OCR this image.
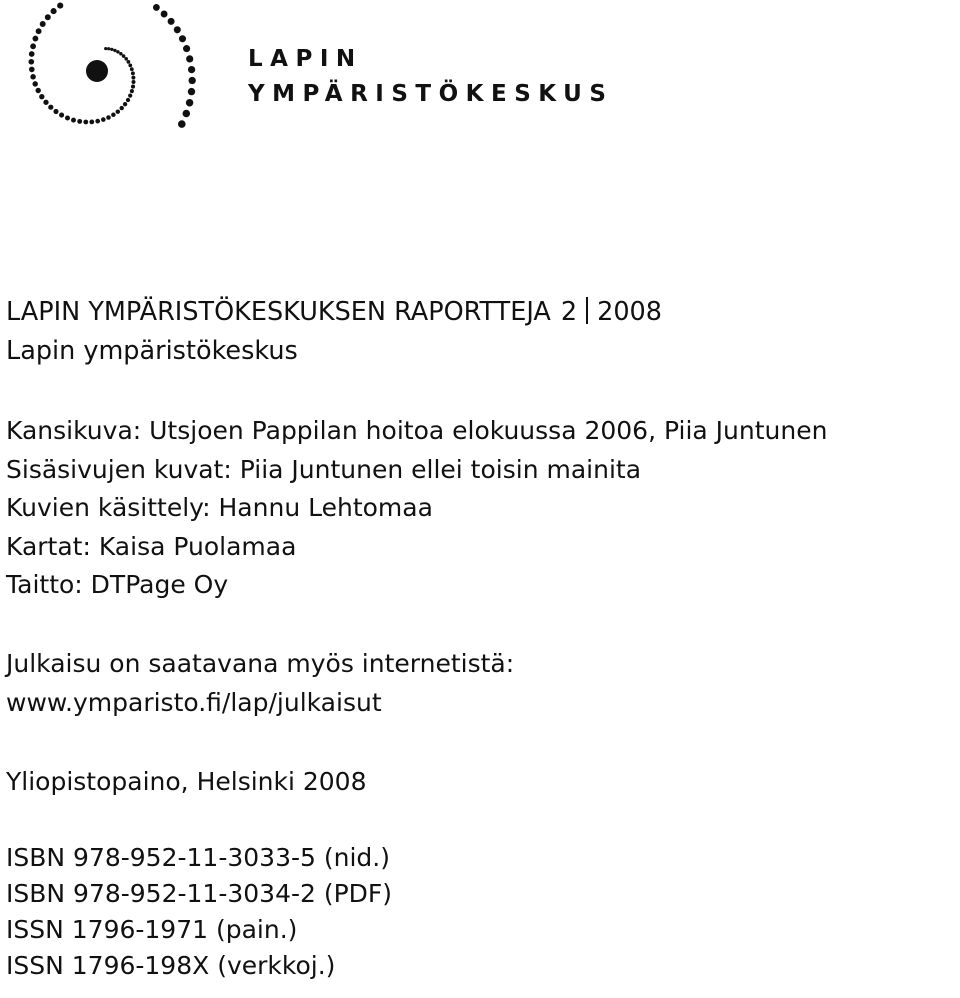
LAPIN
YMPÄRISTÖKESKUS
LAPIN YMPÄRISTÖKESKUKSEN RAPORTTEJA 2 2008
Lapin ympäristökeskus
Kansikuva: Utsjoen Pappilan hoitoa elokuussa 2006, Piia Juntunen
Sisäsivujen kuvat: Piia Juntunen ellei toisin mainita
Kuvien käsittely: Hannu Lehtomaa
Kartat: Kaisa Puolamaa
Taitto: DTPage Oy
Julkaisu on saatavana myös internetistä:
www.ymparisto.fi/lap/julkaisut
Yliopistopaino, Helsinki 2008
ISBN 978-952-11-3033-5 (nid.)
ISBN 978-952-11-3034-2 (PDF)
ISSN 1796-1971 (pain.)
ISSN 1796-198X (verkkoj.)
